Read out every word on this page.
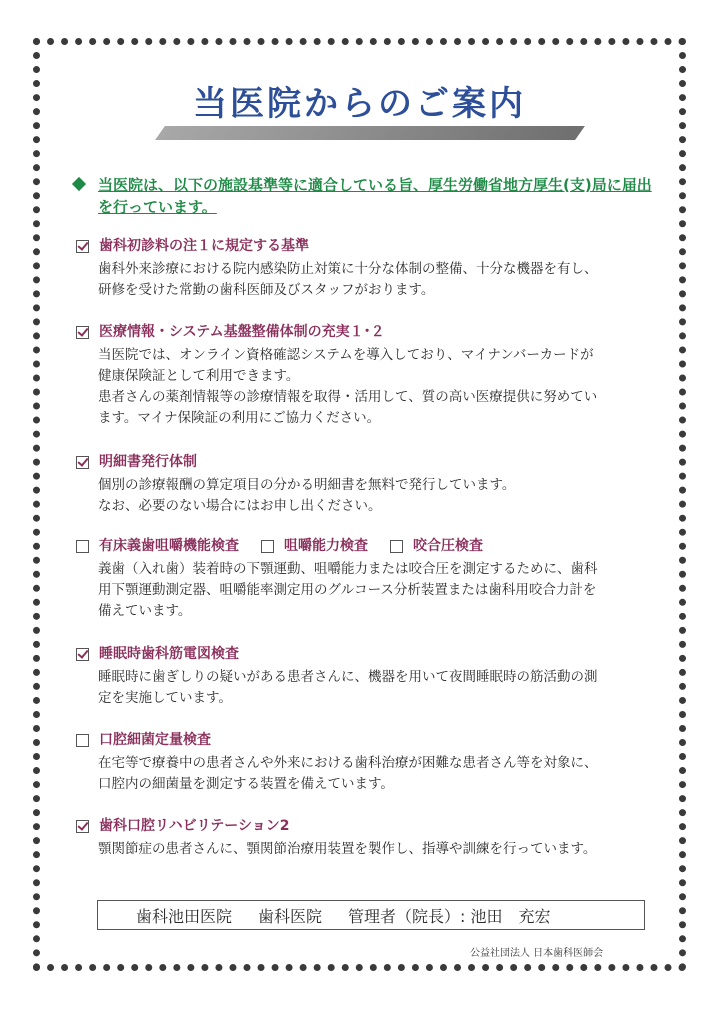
当医院からのご案内
当医院は、以下の施設基準等に適合している旨、厚生労働省地方厚生(支)局に届出を行っています。
歯科初診料の注１に規定する基準
歯科外来診療における院内感染防止対策に十分な体制の整備、十分な機器を有し、
研修を受けた常勤の歯科医師及びスタッフがおります。
医療情報・システム基盤整備体制の充実１･２
当医院では、オンライン資格確認システムを導入しており、マイナンバーカードが
健康保険証として利用できます。
患者さんの薬剤情報等の診療情報を取得・活用して、質の高い医療提供に努めてい
ます。マイナ保険証の利用にご協力ください。
明細書発行体制
個別の診療報酬の算定項目の分かる明細書を無料で発行しています。
なお、必要のない場合にはお申し出ください。
有床義歯咀嚼機能検査	咀嚼能力検査	咬合圧検査
義歯（入れ歯）装着時の下顎運動、咀嚼能力または咬合圧を測定するために、歯科
用下顎運動測定器、咀嚼能率測定用のグルコース分析装置または歯科用咬合力計を
備えています。
睡眠時歯科筋電図検査
睡眠時に歯ぎしりの疑いがある患者さんに、機器を用いて夜間睡眠時の筋活動の測
定を実施しています。
口腔細菌定量検査
在宅等で療養中の患者さんや外来における歯科治療が困難な患者さん等を対象に、
口腔内の細菌量を測定する装置を備えています。
歯科口腔リハビリテーション2
顎関節症の患者さんに、顎関節治療用装置を製作し、指導や訓練を行っています。
歯科池田医院 歯科医院 管理者（院長）: 池田　充宏
公益社団法人 日本歯科医師会
